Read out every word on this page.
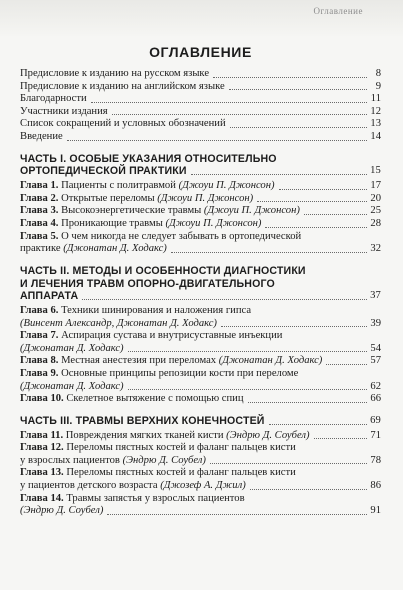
Оглавление
ОГЛАВЛЕНИЕ
Предисловие к изданию на русском языке	8
Предисловие к изданию на английском языке	9
Благодарности	11
Участники издания	12
Список сокращений и условных обозначений	13
Введение	14
ЧАСТЬ I. ОСОБЫЕ УКАЗАНИЯ ОТНОСИТЕЛЬНО
ОРТОПЕДИЧЕСКОЙ ПРАКТИКИ	15
Глава 1. Пациенты с политравмой (Джоуи П. Джонсон)	17
Глава 2. Открытые переломы (Джоуи П. Джонсон)	20
Глава 3. Высокоэнергетические травмы (Джоуи П. Джонсон)	25
Глава 4. Проникающие травмы (Джоуи П. Джонсон)	28
Глава 5. О чем никогда не следует забывать в ортопедической
практике (Джонатан Д. Ходакс)	32
ЧАСТЬ II. МЕТОДЫ И ОСОБЕННОСТИ ДИАГНОСТИКИ
И ЛЕЧЕНИЯ ТРАВМ ОПОРНО-ДВИГАТЕЛЬНОГО
АППАРАТА	37
Глава 6. Техники шинирования и наложения гипса
(Винсент Александр, Джонатан Д. Ходакс)	39
Глава 7. Аспирация сустава и внутрисуставные инъекции
(Джонатан Д. Ходакс)	54
Глава 8. Местная анестезия при переломах (Джонатан Д. Ходакс)	57
Глава 9. Основные принципы репозиции кости при переломе
(Джонатан Д. Ходакс)	62
Глава 10. Скелетное вытяжение с помощью спиц	66
ЧАСТЬ III. ТРАВМЫ ВЕРХНИХ КОНЕЧНОСТЕЙ	69
Глава 11. Повреждения мягких тканей кисти (Эндрю Д. Соубел)	71
Глава 12. Переломы пястных костей и фаланг пальцев кисти
у взрослых пациентов (Эндрю Д. Соубел)	78
Глава 13. Переломы пястных костей и фаланг пальцев кисти
у пациентов детского возраста (Джозеф А. Джил)	86
Глава 14. Травмы запястья у взрослых пациентов
(Эндрю Д. Соубел)	91
